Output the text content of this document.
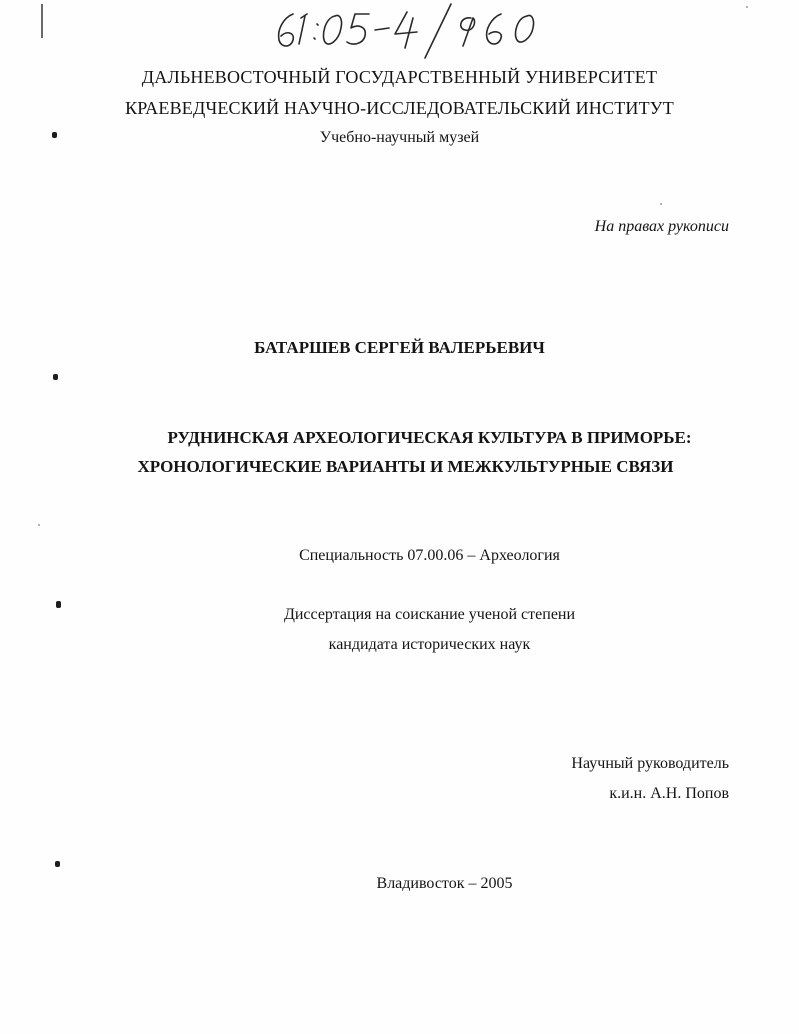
ДАЛЬНЕВОСТОЧНЫЙ ГОСУДАРСТВЕННЫЙ УНИВЕРСИТЕТ
КРАЕВЕДЧЕСКИЙ НАУЧНО-ИССЛЕДОВАТЕЛЬСКИЙ ИНСТИТУТ
Учебно-научный музей
На правах рукописи
БАТАРШЕВ СЕРГЕЙ ВАЛЕРЬЕВИЧ
РУДНИНСКАЯ АРХЕОЛОГИЧЕСКАЯ КУЛЬТУРА В ПРИМОРЬЕ:
ХРОНОЛОГИЧЕСКИЕ ВАРИАНТЫ И МЕЖКУЛЬТУРНЫЕ СВЯЗИ
Специальность 07.00.06 – Археология
Диссертация на соискание ученой степени
кандидата исторических наук
Научный руководитель
к.и.н. А.Н. Попов
Владивосток – 2005
